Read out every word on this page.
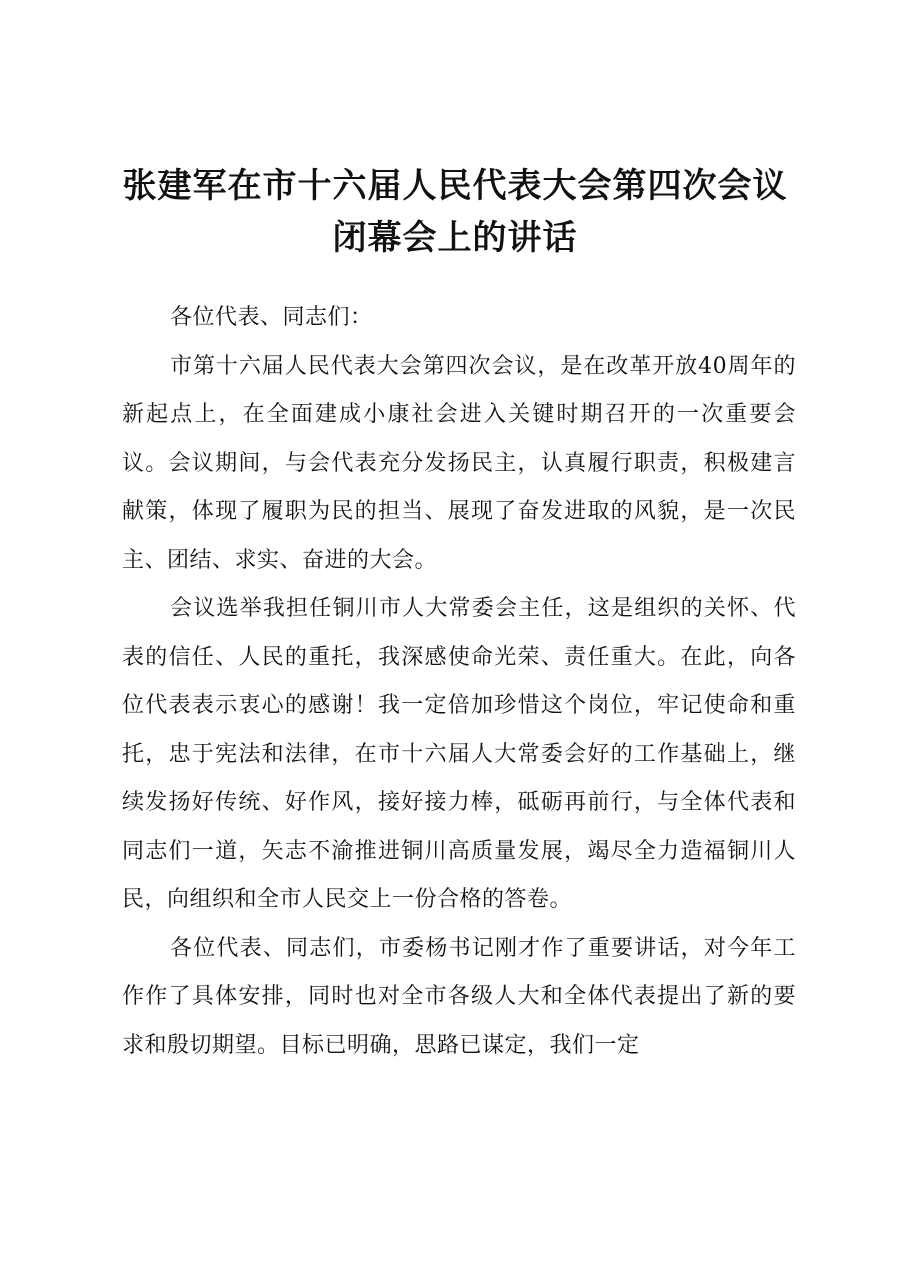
张建军在市十六届人民代表大会第四次会议闭幕会上的讲话

各位代表、同志们：

市第十六届人民代表大会第四次会议，是在改革开放40周年的新起点上，在全面建成小康社会进入关键时期召开的一次重要会议。会议期间，与会代表充分发扬民主，认真履行职责，积极建言献策，体现了履职为民的担当、展现了奋发进取的风貌，是一次民主、团结、求实、奋进的大会。

会议选举我担任铜川市人大常委会主任，这是组织的关怀、代表的信任、人民的重托，我深感使命光荣、责任重大。在此，向各位代表表示衷心的感谢！我一定倍加珍惜这个岗位，牢记使命和重托，忠于宪法和法律，在市十六届人大常委会好的工作基础上，继续发扬好传统、好作风，接好接力棒，砥砺再前行，与全体代表和同志们一道，矢志不渝推进铜川高质量发展，竭尽全力造福铜川人民，向组织和全市人民交上一份合格的答卷。

各位代表、同志们，市委杨书记刚才作了重要讲话，对今年工作作了具体安排，同时也对全市各级人大和全体代表提出了新的要求和殷切期望。目标已明确，思路已谋定，我们一定
